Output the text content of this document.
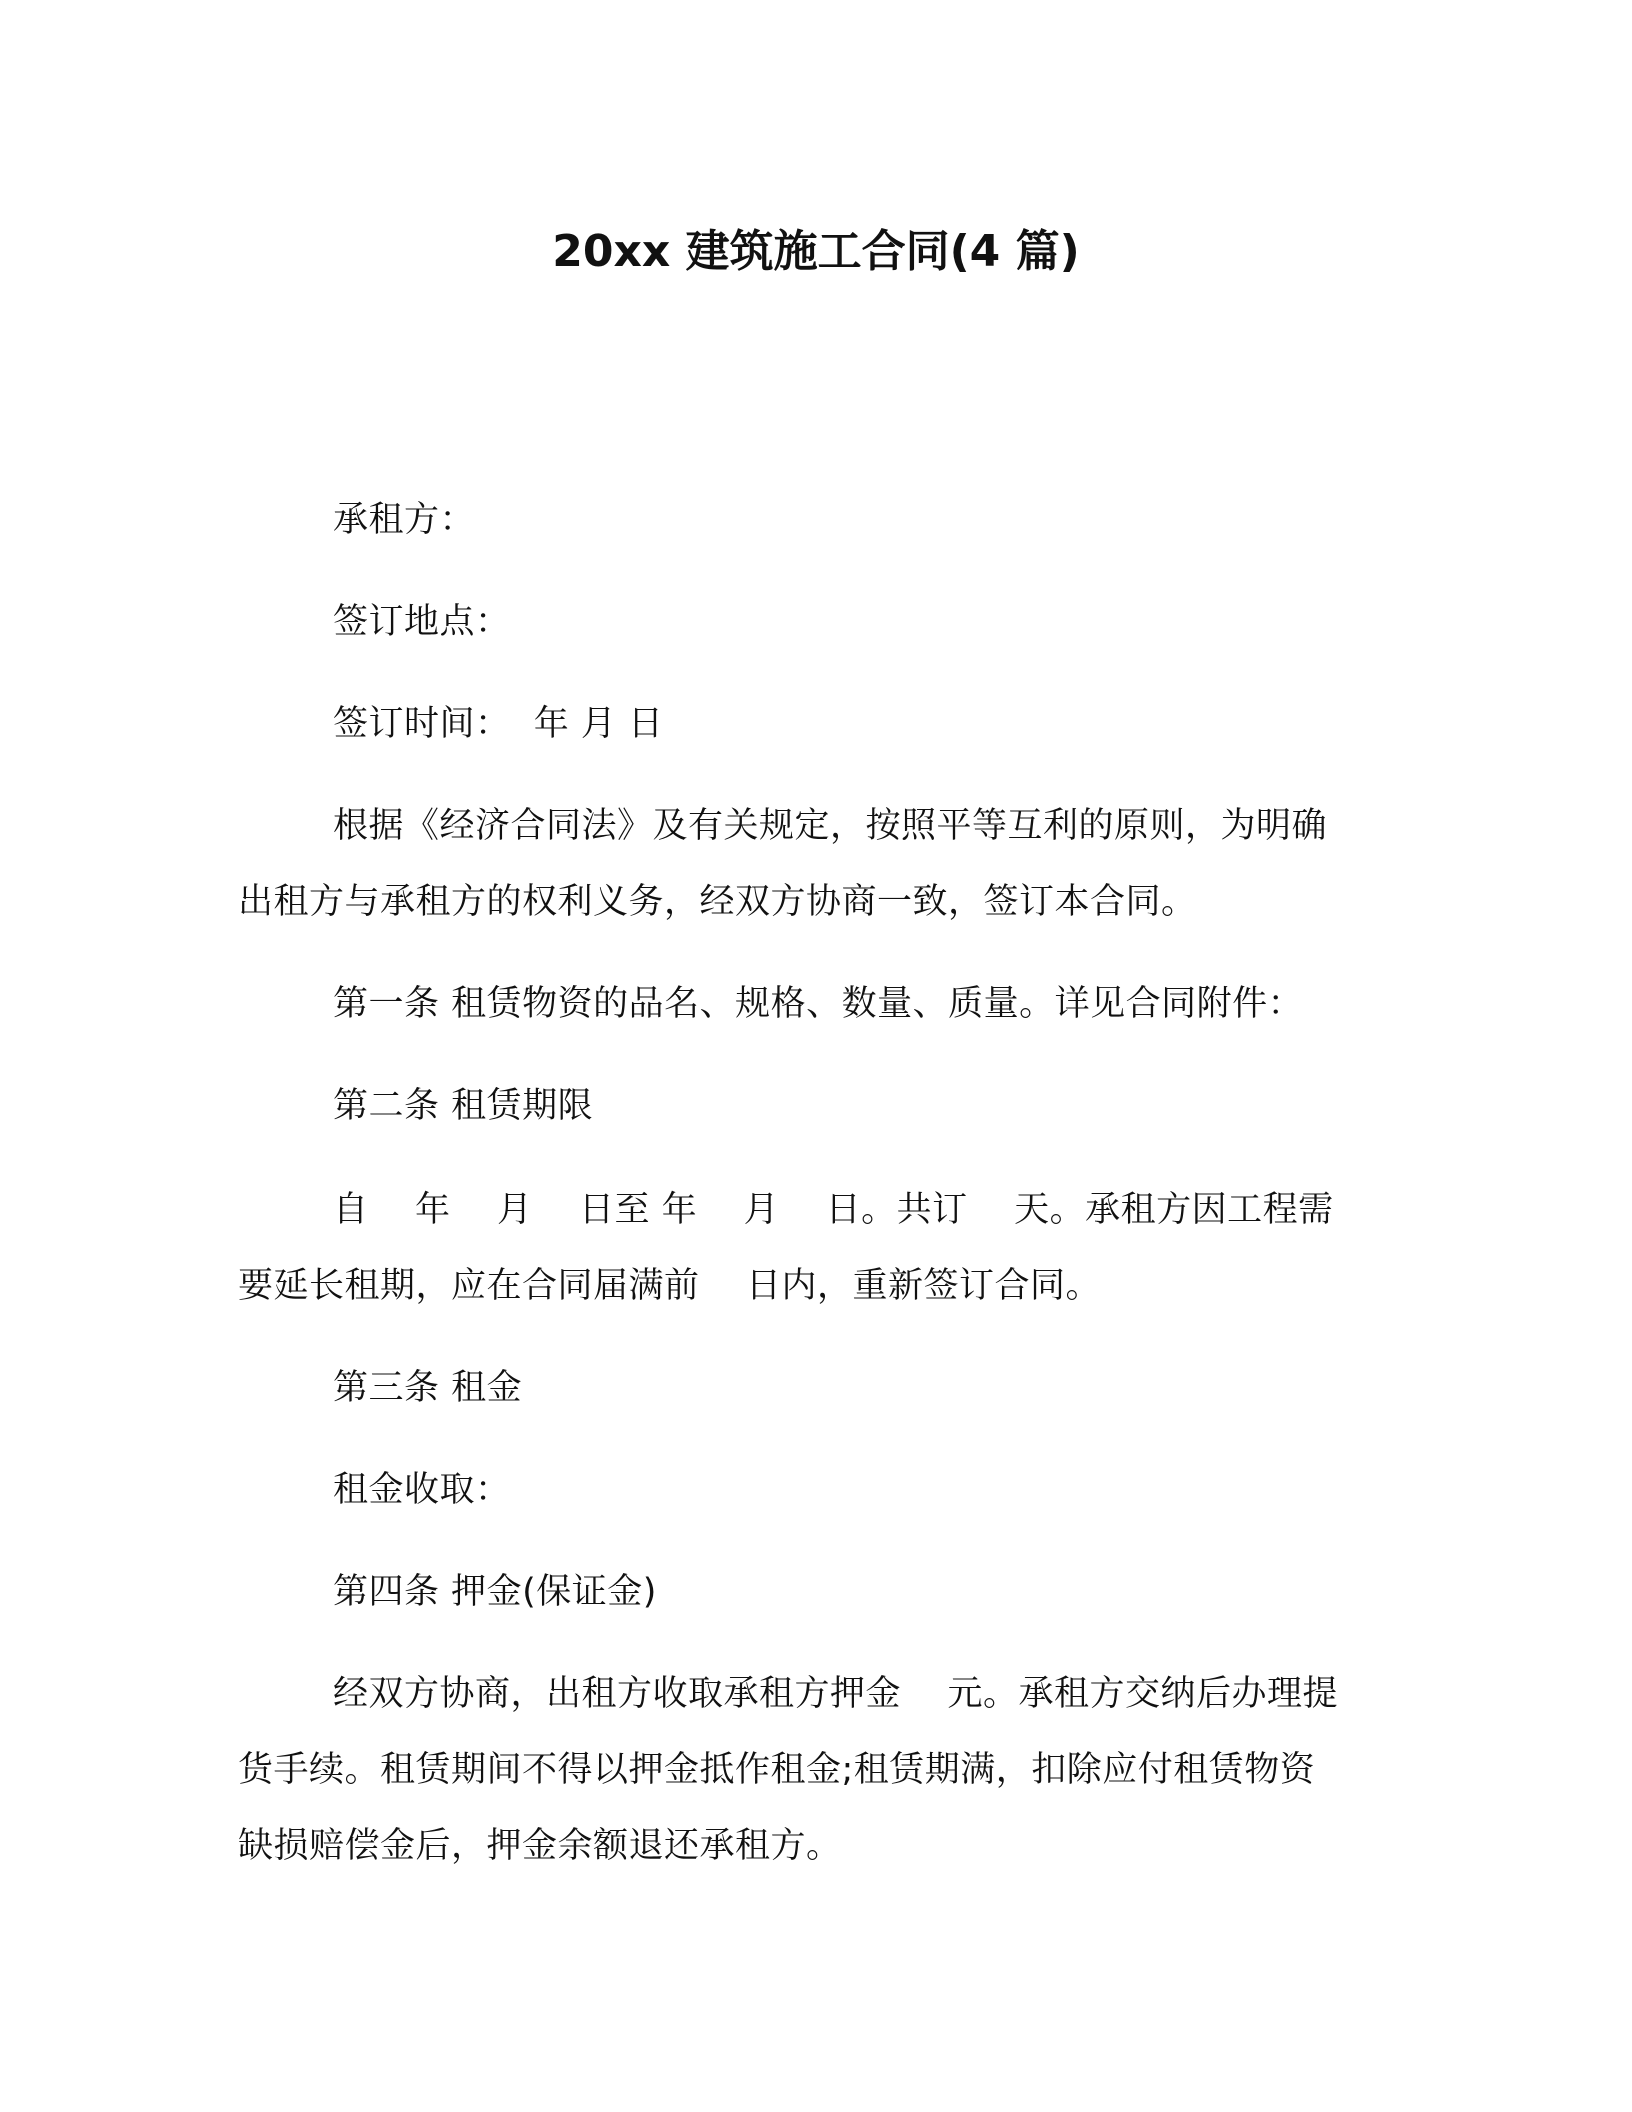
20xx 建筑施工合同(4 篇)
承租方：
签订地点：
签订时间：  年 月 日
根据《经济合同法》及有关规定，按照平等互利的原则，为明确
出租方与承租方的权利义务，经双方协商一致，签订本合同。
第一条 租赁物资的品名、规格、数量、质量。详见合同附件：
第二条 租赁期限
自    年    月    日至 年    月    日。共订    天。承租方因工程需
要延长租期，应在合同届满前    日内，重新签订合同。
第三条 租金
租金收取：
第四条 押金(保证金)
经双方协商，出租方收取承租方押金    元。承租方交纳后办理提
货手续。租赁期间不得以押金抵作租金;租赁期满，扣除应付租赁物资
缺损赔偿金后，押金余额退还承租方。
